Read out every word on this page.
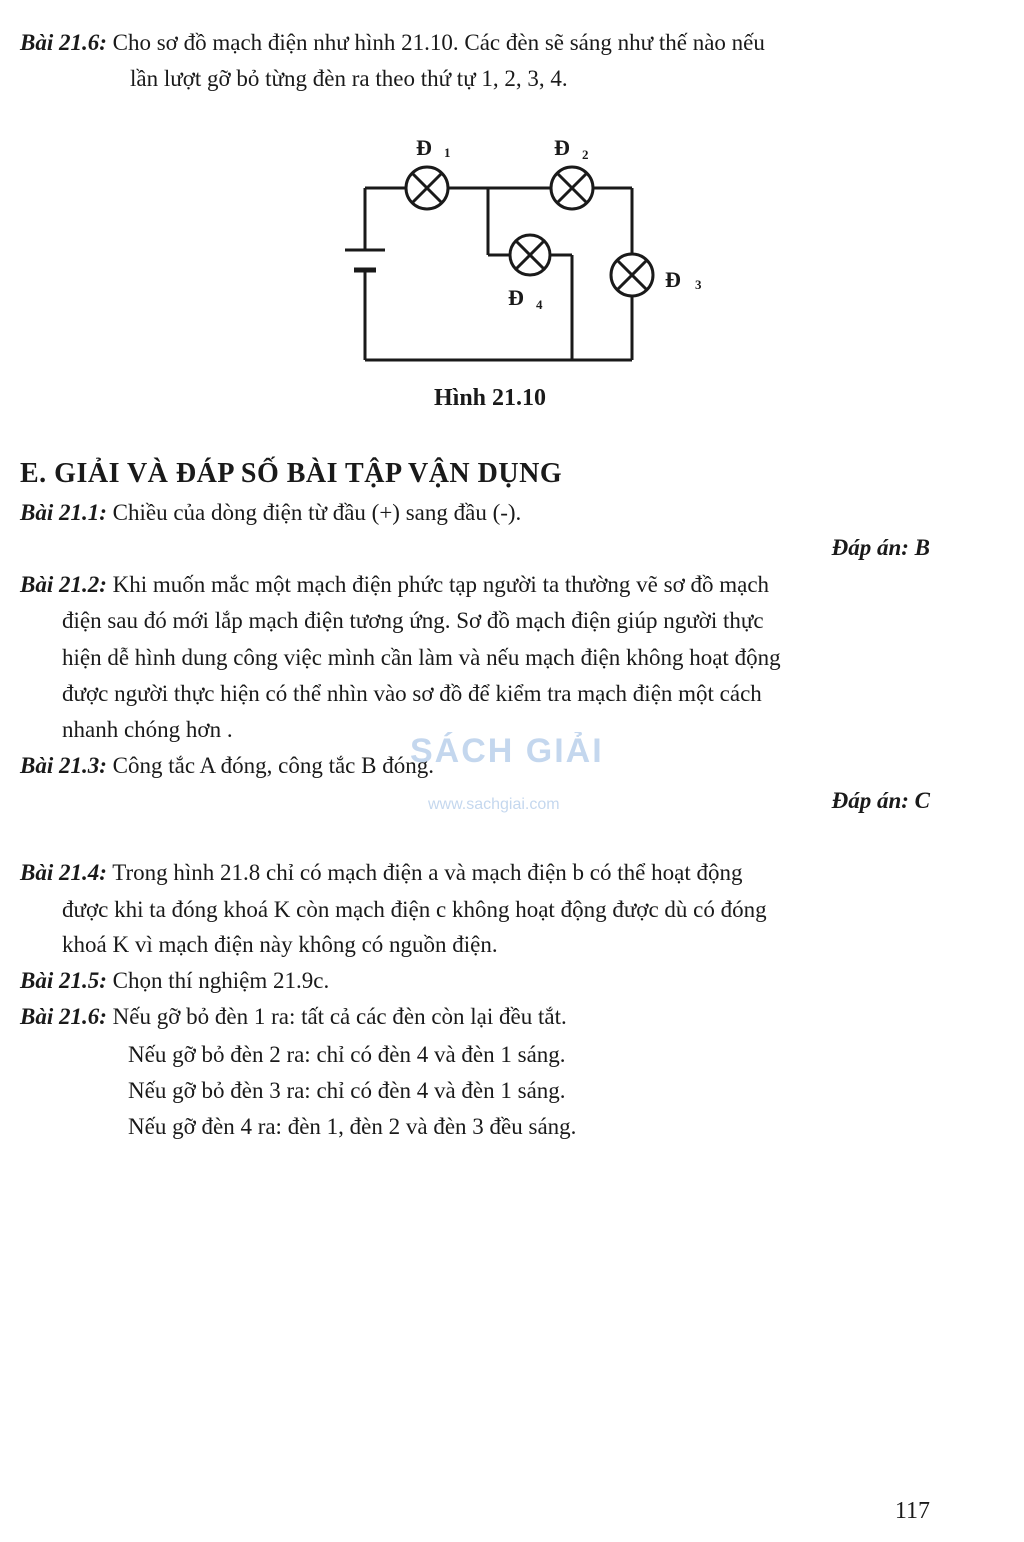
Bài 21.6: Cho sơ đồ mạch điện như hình 21.10. Các đèn sẽ sáng như thế nào nếu
lần lượt gỡ bỏ từng đèn ra theo thứ tự 1, 2, 3, 4.
Đ 1	Đ 2
Đ 3
Đ 4
Hình 21.10
E. GIẢI VÀ ĐÁP SỐ BÀI TẬP VẬN DỤNG
Bài 21.1: Chiều của dòng điện từ đầu (+) sang đầu (-).
Đáp án: B
Bài 21.2: Khi muốn mắc một mạch điện phức tạp người ta thường vẽ sơ đồ mạch
điện sau đó mới lắp mạch điện tương ứng. Sơ đồ mạch điện giúp người thực
hiện dễ hình dung công việc mình cần làm và nếu mạch điện không hoạt động
được người thực hiện có thể nhìn vào sơ đồ để kiểm tra mạch điện một cách
nhanh chóng hơn .
Bài 21.3: Công tắc A đóng, công tắc B đóng.
Đáp án: C
SÁCH GIẢI
www.sachgiai.com
Bài 21.4: Trong hình 21.8 chỉ có mạch điện a và mạch điện b có thể hoạt động
được khi ta đóng khoá K còn mạch điện c không hoạt động được dù có đóng
khoá K vì mạch điện này không có nguồn điện.
Bài 21.5: Chọn thí nghiệm 21.9c.
Bài 21.6: Nếu gỡ bỏ đèn 1 ra: tất cả các đèn còn lại đều tắt.
Nếu gỡ bỏ đèn 2 ra: chỉ có đèn 4 và đèn 1 sáng.
Nếu gỡ bỏ đèn 3 ra: chỉ có đèn 4 và đèn 1 sáng.
Nếu gỡ đèn 4 ra: đèn 1, đèn 2 và đèn 3 đều sáng.
117
